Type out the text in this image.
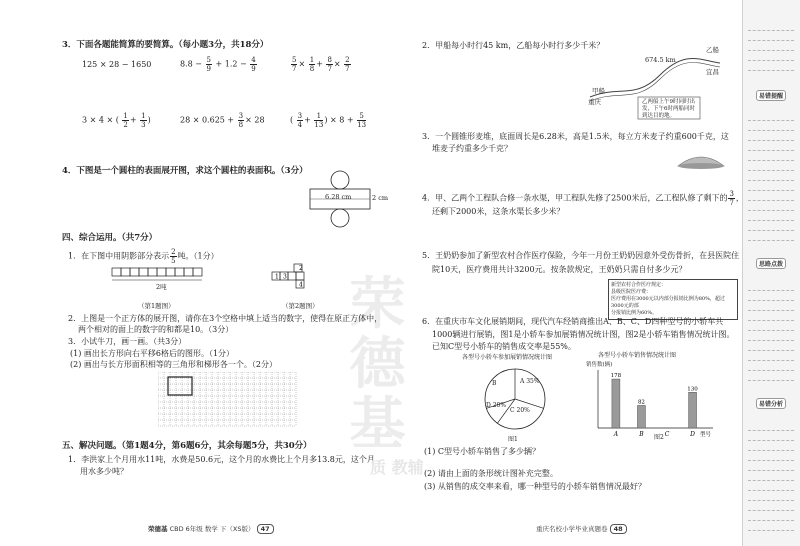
荣德基
3．下面各题能简算的要简算。（每小题3分，共18分）
125 × 28 − 1650	$8.8 - \frac{5}{9} + 1.2 - \frac{4}{9}$	$\frac{5}{7} \times \frac{1}{8} + \frac{8}{7} \times \frac{2}{7}$
3 × 4 × ( $\frac{1}{2} + \frac{1}{3}$ )	$28 \times 0.625 + \frac{3}{8} \times 28$	( $\frac{3}{4} + \frac{1}{13}$ ) × $8 + \frac{5}{13}$
4．下图是一个圆柱的表面展开图，求这个圆柱的表面积。（3分）
6.28 cm	2 cm
四、综合运用。（共7分）
1．在下图中用阴影部分表示 $\frac{2}{5}$ 吨。（1分）
2吨
1
2
3
4
（第1题图）	（第2题图）
2．上图是一个正方体的展开图，请你在3个空格中填上适当的数字，使得在原正方体中，
两个相对的面上的数字的和都是10。（3分）
3．小试牛刀，画一画。（共3分）
(1) 画出长方形向右平移6格后的图形。（1分）
(2) 画出与长方形面积相等的三角形和梯形各一个。（2分）
五、解决问题。（第1题4分，第6题6分，其余每题5分，共30分）
1．李洪家上个月用水11吨，水费是50.6元，这个月的水费比上个月多13.8元，这个月
用水多少吨？	质 教辅
荣德基 CBD 6年级 数学 下（XS版） 47
2．甲船每小时行45 km，乙船每小时行多少千米？
甲船
重庆
乙船
宜昌
674.5 km
乙两船上午9时同时出
发，下午6时两船同时
到达目的地。
3．一个圆锥形麦堆，底面周长是6.28米，高是1.5米，每立方米麦子约重600千克，这
堆麦子约重多少千克？
4．甲、乙两个工程队合修一条水渠，甲工程队先修了2500米后，乙工程队修了剩下的 $\frac{3}{7}$ ，
还剩下2000米，这条水渠长多少米？
5．王奶奶参加了新型农村合作医疗保险，今年一月份王奶奶因意外受伤骨折，在县医院住
院10天，医疗费用共计3200元。按条款规定，王奶奶只需自付多少元？
新型农村合作医疗规定：
县级医院医疗费：
医疗费用在3000元以内部分报销比例为80%，超过3000元的部
分报销比例为60%。
6．在重庆市车文化展销期间，现代汽车经销商推出A、B、C、D四种型号的小轿车共
1000辆进行展销，图1是小轿车参加展销情况统计图，图2是小轿车销售情况统计图。
已知C型号小轿车的销售成交率是55%。
各型号小轿车参加展销情况统计图
A 35%
B
C 20%
D 20%
图1
各型号小轿车销售情况统计图
销售数(辆)
178
A
82
B	C
130
D 型号
图2
(1) C型号小轿车销售了多少辆？
(2) 请由上面的条形统计图补充完整。
(3) 从销售的成交率来看，哪一种型号的小轿车销售情况最好？
重庆名校小学毕业真题卷 48
易错提醒
思路点拨
易错分析
